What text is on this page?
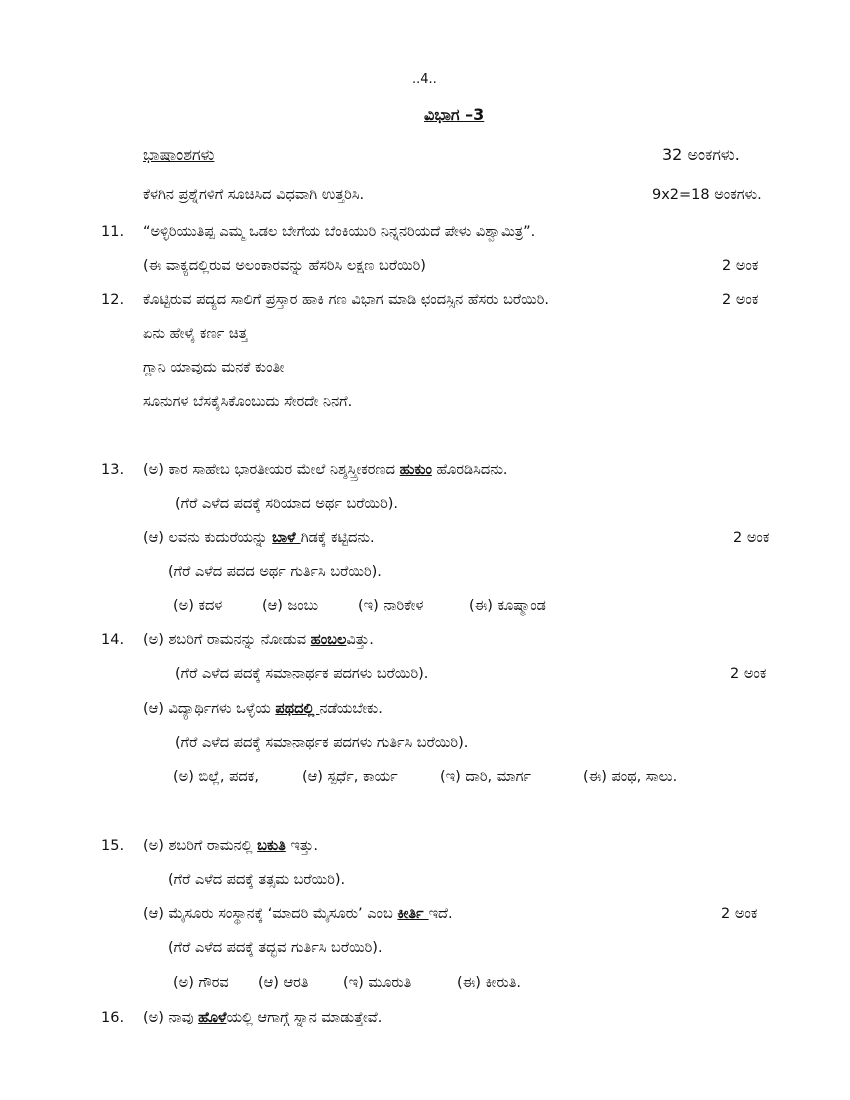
..4..
ವಿಭಾಗ –3
ಭಾಷಾಂಶಗಳು	32 ಅಂಕಗಳು.
ಕೆಳಗಿನ ಪ್ರಶ್ನೆಗಳಿಗೆ ಸೂಚಿಸಿದ ವಿಧವಾಗಿ ಉತ್ತರಿಸಿ.	9x2=18 ಅಂಕಗಳು.
11. “ಅಳ್ಳಿರಿಯುತಿಪ್ಪ ಎಮ್ಮ ಒಡಲ ಬೇಗೆಯ ಬೆಂಕಿಯುರಿ ನಿನ್ನನರಿಯದೆ ಪೇಳು ವಿಶ್ವಾಮಿತ್ರ”.
(ಈ ವಾಕ್ಯದಲ್ಲಿರುವ ಅಲಂಕಾರವನ್ನು ಹೆಸರಿಸಿ ಲಕ್ಷಣ ಬರೆಯಿರಿ)	2 ಅಂಕ
12. ಕೊಟ್ಟಿರುವ ಪದ್ಯದ ಸಾಲಿಗೆ ಪ್ರಸ್ತಾರ ಹಾಕಿ ಗಣ ವಿಭಾಗ ಮಾಡಿ ಛಂದಸ್ಸಿನ ಹೆಸರು ಬರೆಯಿರಿ.	2 ಅಂಕ
ಏನು ಹೇಳೈ ಕರ್ಣ ಚಿತ್ತ
ಗ್ಲಾನಿ ಯಾವುದು ಮನಕೆ ಕುಂತೀ
ಸೂನುಗಳ ಬೆಸಕೈಸಿಕೊಂಬುದು ಸೇರದೇ ನಿನಗೆ.
13. (ಅ) ಕಾರ ಸಾಹೇಬ ಭಾರತೀಯರ ಮೇಲೆ ನಿಶ್ಶಸ್ತ್ರೀಕರಣದ ಹುಕುಂ ಹೊರಡಿಸಿದನು.
(ಗೆರೆ ಎಳೆದ ಪದಕ್ಕೆ ಸರಿಯಾದ ಅರ್ಥ ಬರೆಯಿರಿ).
(ಆ) ಲವನು ಕುದುರೆಯನ್ನು ಬಾಳೆ ಗಿಡಕ್ಕೆ ಕಟ್ಟಿದನು.	2 ಅಂಕ
(ಗೆರೆ ಎಳೆದ ಪದದ ಅರ್ಥ ಗುರ್ತಿಸಿ ಬರೆಯಿರಿ).
(ಅ) ಕದಳ	(ಆ) ಜಂಬು	(ಇ) ನಾರಿಕೇಳ	(ಈ) ಕೂಷ್ಮಾಂಡ
14. (ಅ) ಶಬರಿಗೆ ರಾಮನನ್ನು ನೋಡುವ ಹಂಬಲವಿತ್ತು.
(ಗೆರೆ ಎಳೆದ ಪದಕ್ಕೆ ಸಮಾನಾರ್ಥಕ ಪದಗಳು ಬರೆಯಿರಿ).	2 ಅಂಕ
(ಆ) ವಿದ್ಯಾರ್ಥಿಗಳು ಒಳ್ಳೆಯ ಪಥದಲ್ಲಿ ನಡೆಯಬೇಕು.
(ಗೆರೆ ಎಳೆದ ಪದಕ್ಕೆ ಸಮಾನಾರ್ಥಕ ಪದಗಳು ಗುರ್ತಿಸಿ ಬರೆಯಿರಿ).
(ಅ) ಬಿಲ್ಲೆ, ಪದಕ,	(ಆ) ಸ್ಪರ್ಧೆ, ಕಾರ್ಯ	(ಇ) ದಾರಿ, ಮಾರ್ಗ	(ಈ) ಪಂಥ, ಸಾಲು.
15. (ಅ) ಶಬರಿಗೆ ರಾಮನಲ್ಲಿ ಬಕುತಿ ಇತ್ತು.
(ಗೆರೆ ಎಳೆದ ಪದಕ್ಕೆ ತತ್ಸಮ ಬರೆಯಿರಿ).
(ಆ) ಮೈಸೂರು ಸಂಸ್ಥಾನಕ್ಕೆ ‘ಮಾದರಿ ಮೈಸೂರು’ ಎಂಬ ಕೀರ್ತಿ ಇದೆ.	2 ಅಂಕ
(ಗೆರೆ ಎಳೆದ ಪದಕ್ಕೆ ತದ್ಭವ ಗುರ್ತಿಸಿ ಬರೆಯಿರಿ).
(ಅ) ಗೌರವ (ಆ) ಆರತಿ (ಇ) ಮೂರುತಿ	(ಈ) ಕೀರುತಿ.
16. (ಅ) ನಾವು ಹೊಳೆಯಲ್ಲಿ ಆಗಾಗ್ಗೆ ಸ್ನಾನ ಮಾಡುತ್ತೇವೆ.
